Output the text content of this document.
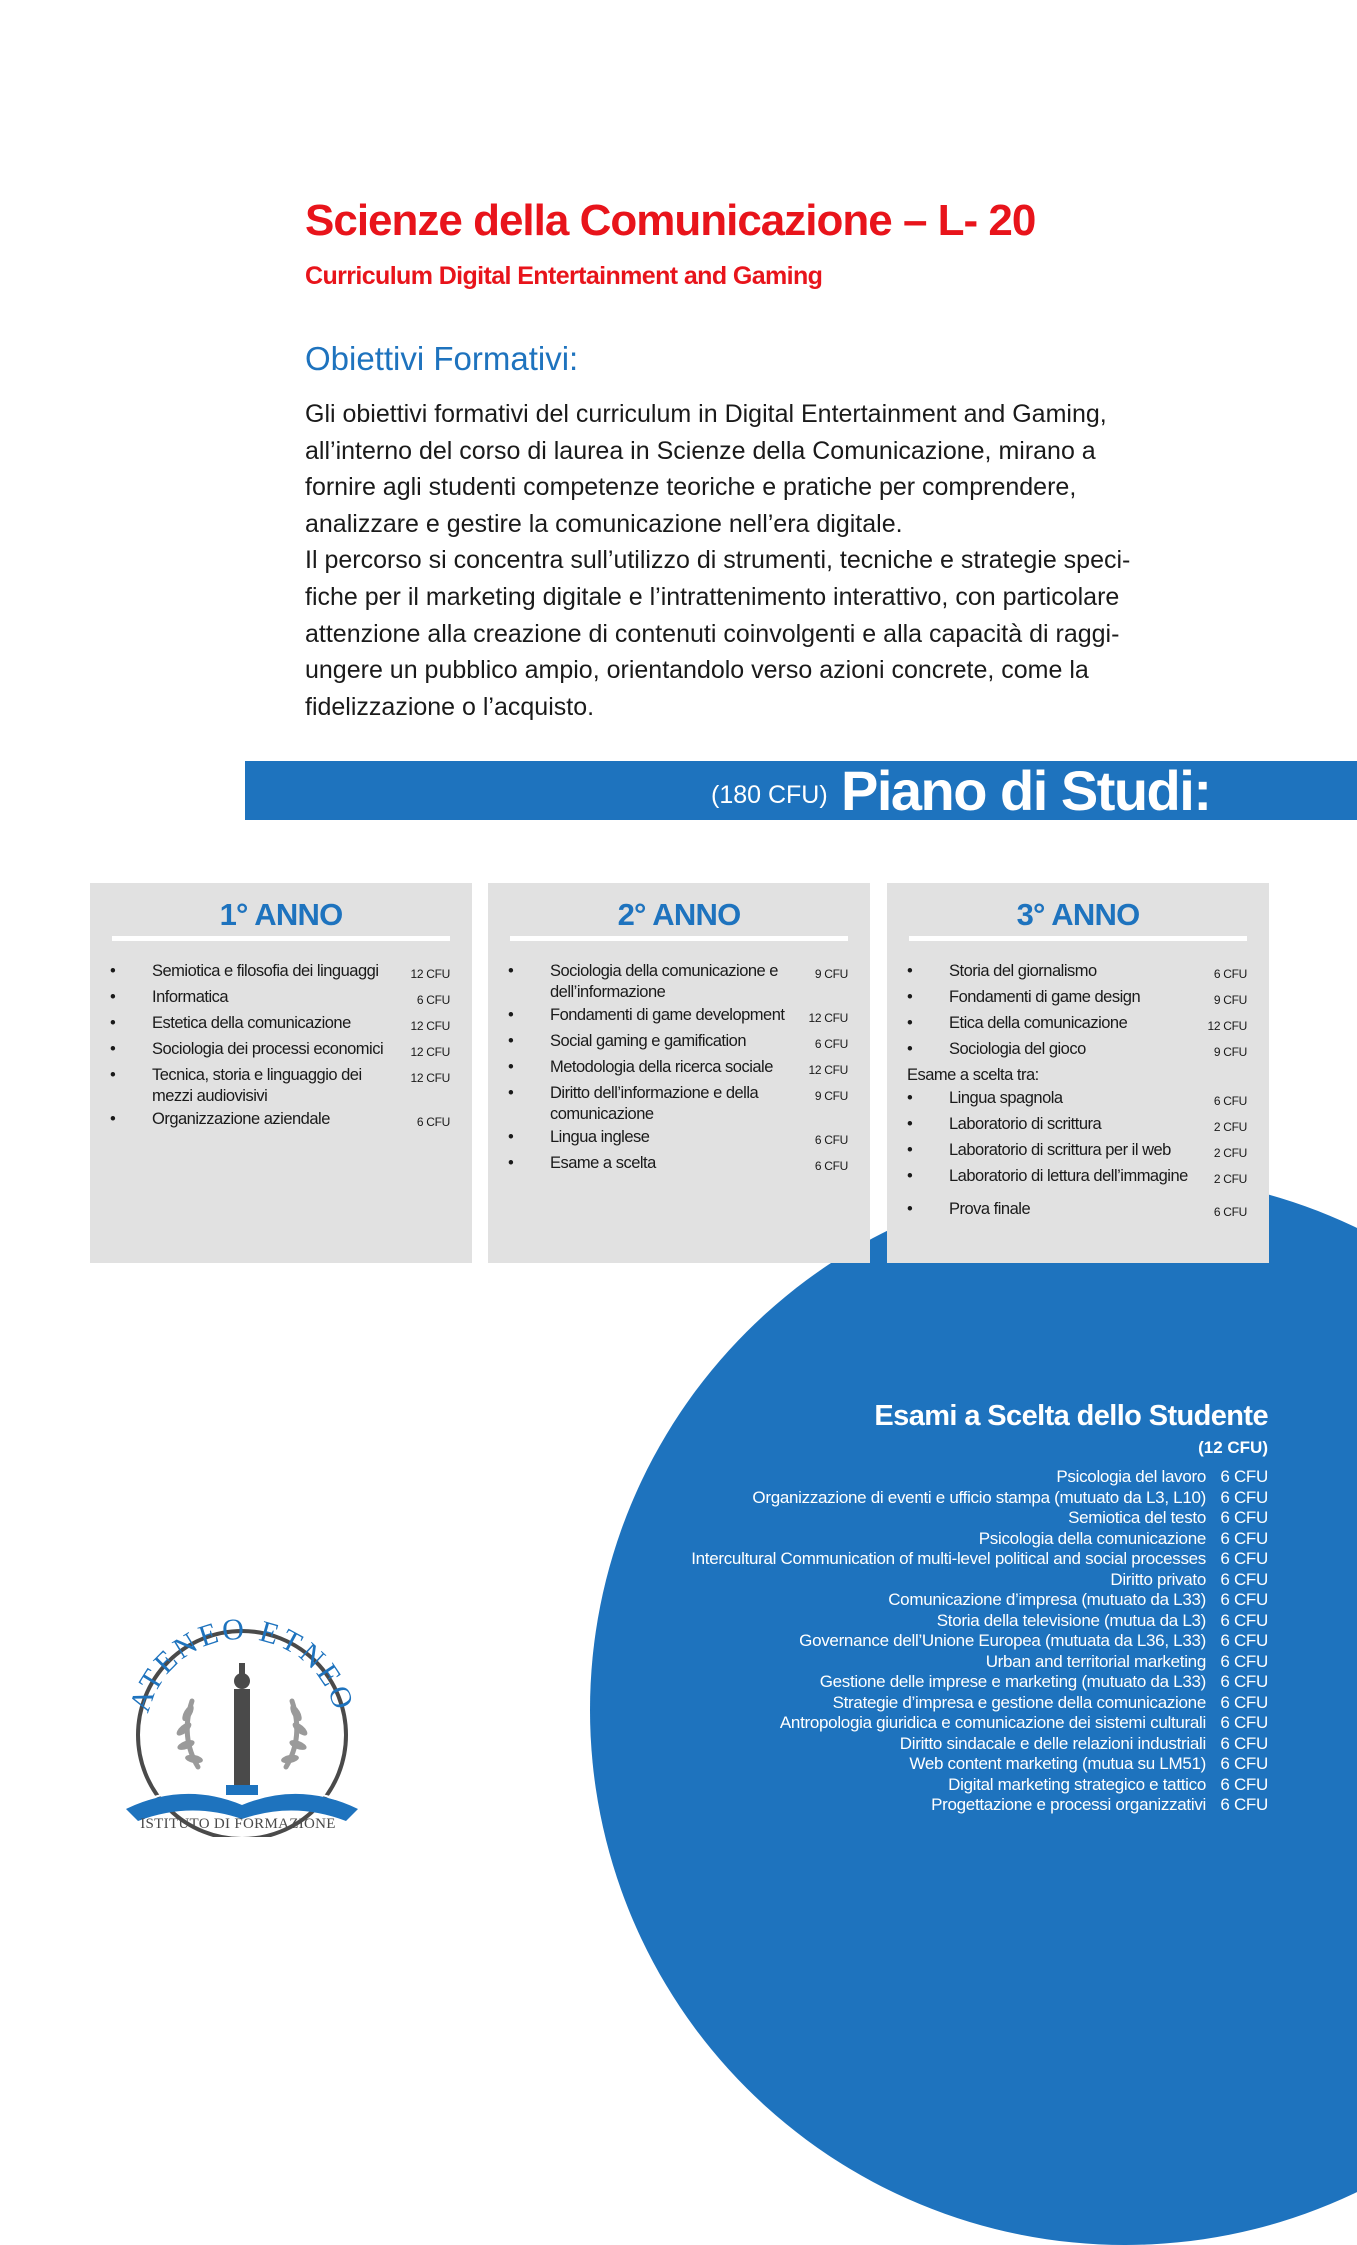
Scienze della Comunicazione – L- 20
Curriculum Digital Entertainment and Gaming
Obiettivi Formativi:
Gli obiettivi formativi del curriculum in Digital Entertainment and Gaming,
all’interno del corso di laurea in Scienze della Comunicazione, mirano a
fornire agli studenti competenze teoriche e pratiche per comprendere,
analizzare e gestire la comunicazione nell’era digitale.
Il percorso si concentra sull’utilizzo di strumenti, tecniche e strategie speci-
fiche per il marketing digitale e l’intrattenimento interattivo, con particolare
attenzione alla creazione di contenuti coinvolgenti e alla capacità di raggi-
ungere un pubblico ampio, orientandolo verso azioni concrete, come la
fidelizzazione o l’acquisto.
(180 CFU) Piano di Studi:
1° ANNO
•	Semiotica e filosofia dei linguaggi	12 CFU
•	Informatica	6 CFU
•	Estetica della comunicazione	12 CFU
•	Sociologia dei processi economici	12 CFU
•	Tecnica, storia e linguaggio dei mezzi audiovisivi
12 CFU
•	Organizzazione aziendale	6 CFU
2° ANNO
•	Sociologia della comunicazione e dell’informazione
9 CFU
•	Fondamenti di game development	12 CFU
•	Social gaming e gamification	6 CFU
•	Metodologia della ricerca sociale	12 CFU
•	Diritto dell’informazione e della comunicazione
9 CFU
•	Lingua inglese	6 CFU
•	Esame a scelta	6 CFU
3° ANNO
•	Storia del giornalismo	6 CFU
•	Fondamenti di game design	9 CFU
•	Etica della comunicazione	12 CFU
•	Sociologia del gioco	9 CFU
Esame a scelta tra:
•	Lingua spagnola	6 CFU
•	Laboratorio di scrittura	2 CFU
•	Laboratorio di scrittura per il web	2 CFU
•	Laboratorio di lettura dell’immagine	2 CFU
•	Prova finale	6 CFU
Esami a Scelta dello Studente
(12 CFU)
Psicologia del lavoro 6 CFU
Organizzazione di eventi e ufficio stampa (mutuato da L3, L10) 6 CFU
Semiotica del testo 6 CFU
Psicologia della comunicazione 6 CFU
Intercultural Communication of multi-level political and social processes 6 CFU
Diritto privato 6 CFU
Comunicazione d’impresa (mutuato da L33) 6 CFU
Storia della televisione (mutua da L3) 6 CFU
Governance dell’Unione Europea (mutuata da L36, L33) 6 CFU
Urban and territorial marketing 6 CFU
Gestione delle imprese e marketing (mutuato da L33) 6 CFU
Strategie d’impresa e gestione della comunicazione 6 CFU
Antropologia giuridica e comunicazione dei sistemi culturali 6 CFU
Diritto sindacale e delle relazioni industriali 6 CFU
Web content marketing (mutua su LM51) 6 CFU
Digital marketing strategico e tattico 6 CFU
Progettazione e processi organizzativi 6 CFU
ATENEO ETNEO
ISTITUTO DI FORMAZIONE
